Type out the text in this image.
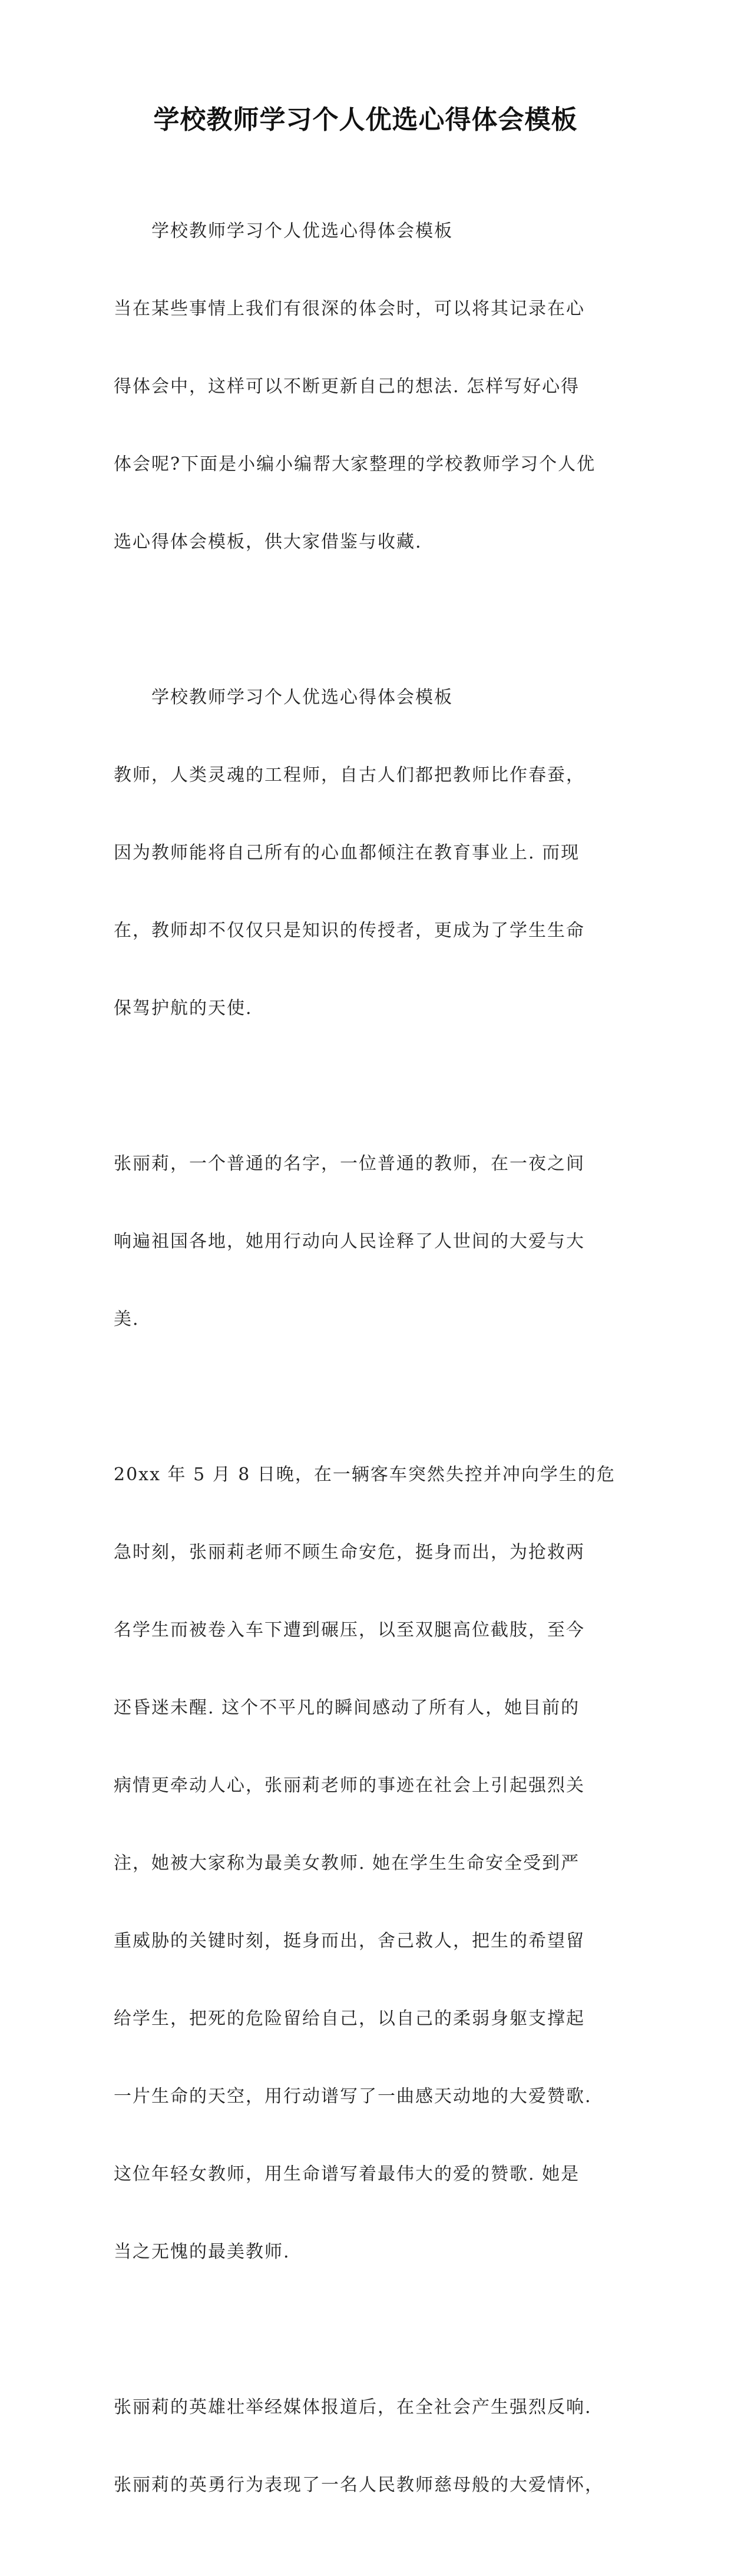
学校教师学习个人优选心得体会模板

学校教师学习个人优选心得体会模板

当在某些事情上我们有很深的体会时，可以将其记录在心

得体会中，这样可以不断更新自己的想法. 怎样写好心得

体会呢?下面是小编小编帮大家整理的学校教师学习个人优

选心得体会模板，供大家借鉴与收藏.

学校教师学习个人优选心得体会模板

教师，人类灵魂的工程师，自古人们都把教师比作春蚕，

因为教师能将自己所有的心血都倾注在教育事业上. 而现

在，教师却不仅仅只是知识的传授者，更成为了学生生命

保驾护航的天使.

张丽莉，一个普通的名字，一位普通的教师，在一夜之间

响遍祖国各地，她用行动向人民诠释了人世间的大爱与大

美.

20xx 年 5 月 8 日晚，在一辆客车突然失控并冲向学生的危

急时刻，张丽莉老师不顾生命安危，挺身而出，为抢救两

名学生而被卷入车下遭到碾压，以至双腿高位截肢，至今

还昏迷未醒. 这个不平凡的瞬间感动了所有人，她目前的

病情更牵动人心，张丽莉老师的事迹在社会上引起强烈关

注，她被大家称为最美女教师. 她在学生生命安全受到严

重威胁的关键时刻，挺身而出，舍己救人，把生的希望留

给学生，把死的危险留给自己，以自己的柔弱身躯支撑起

一片生命的天空，用行动谱写了一曲感天动地的大爱赞歌.

这位年轻女教师，用生命谱写着最伟大的爱的赞歌. 她是

当之无愧的最美教师.

张丽莉的英雄壮举经媒体报道后，在全社会产生强烈反响.

张丽莉的英勇行为表现了一名人民教师慈母般的大爱情怀，
